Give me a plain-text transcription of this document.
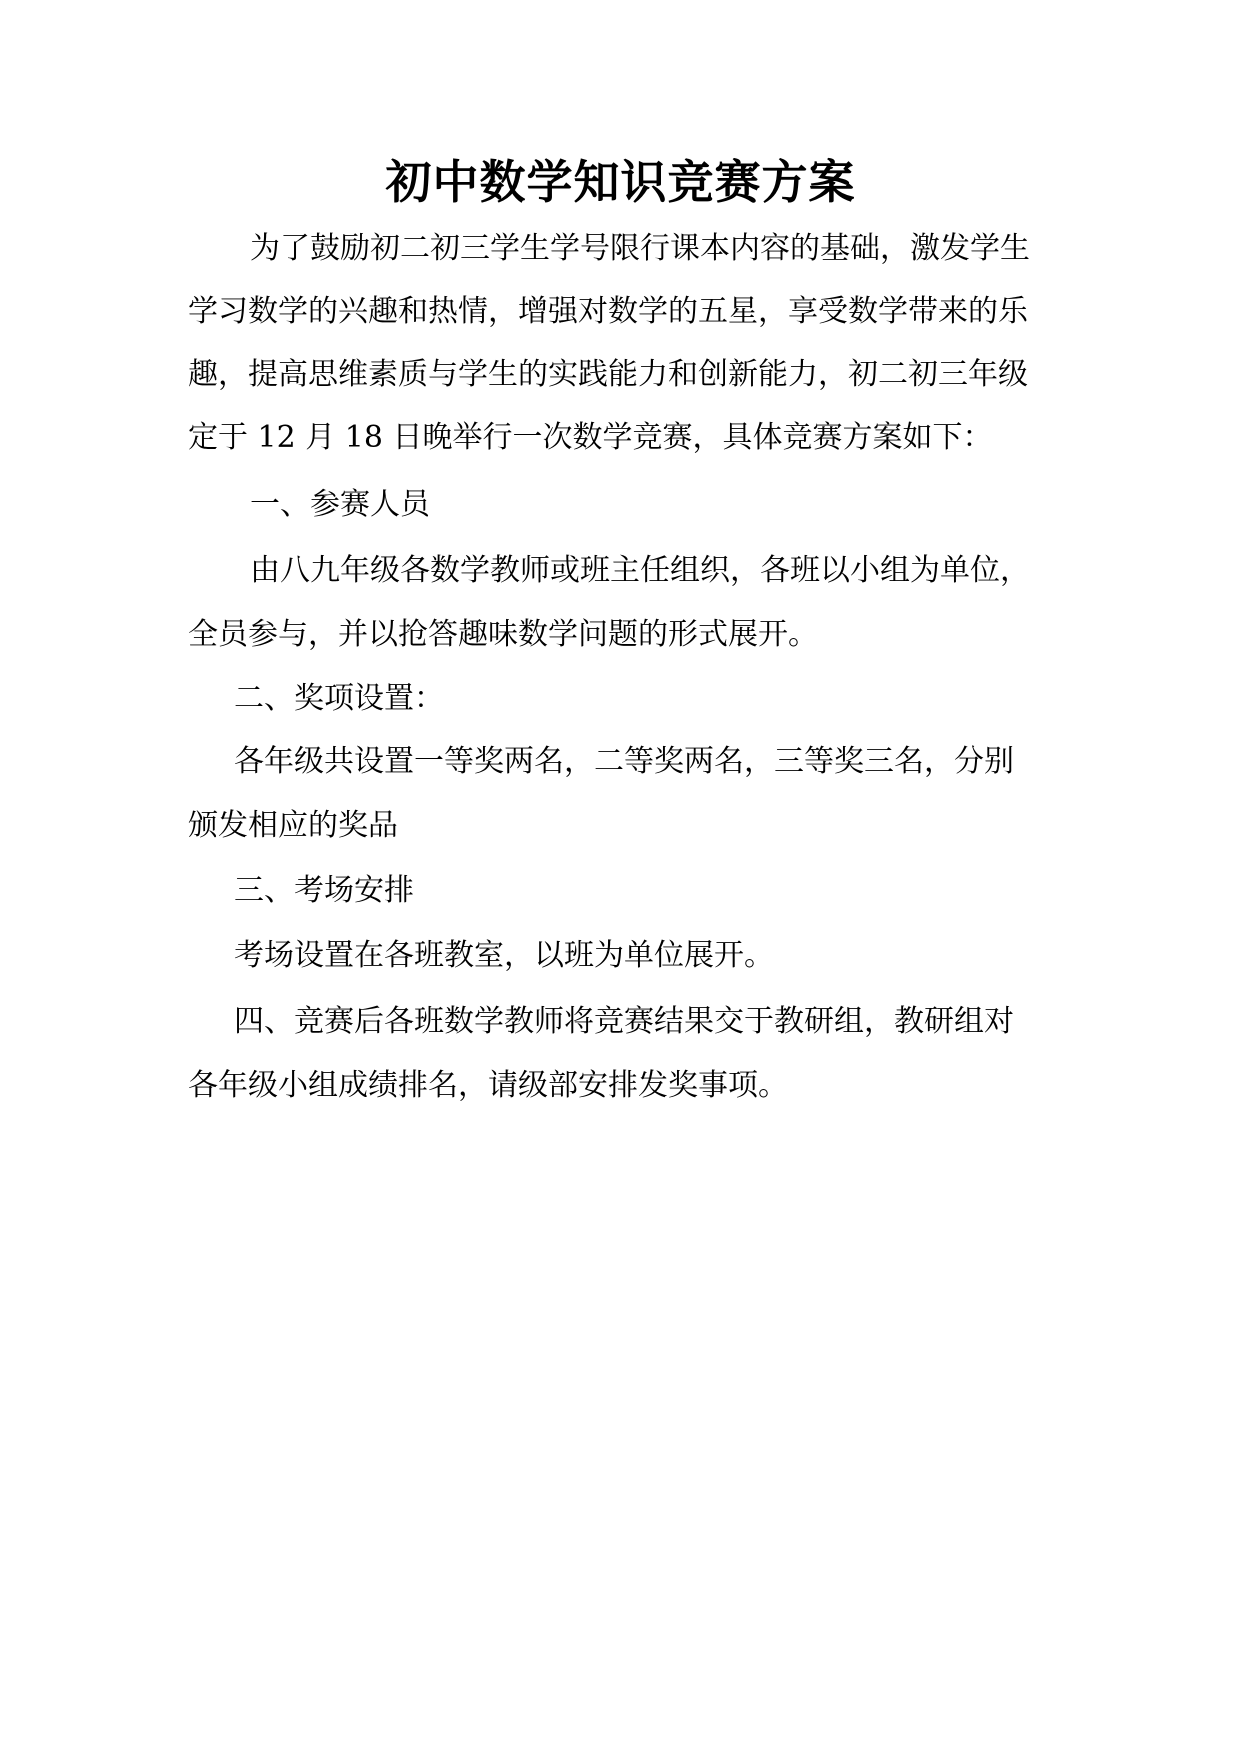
初中数学知识竞赛方案
为了鼓励初二初三学生学号限行课本内容的基础，激发学生
学习数学的兴趣和热情，增强对数学的五星，享受数学带来的乐
趣，提高思维素质与学生的实践能力和创新能力，初二初三年级
定于 12 月 18 日晚举行一次数学竞赛，具体竞赛方案如下：
一、参赛人员
由八九年级各数学教师或班主任组织，各班以小组为单位，
全员参与，并以抢答趣味数学问题的形式展开。
二、奖项设置：
各年级共设置一等奖两名，二等奖两名，三等奖三名，分别
颁发相应的奖品
三、考场安排
考场设置在各班教室，以班为单位展开。
四、竞赛后各班数学教师将竞赛结果交于教研组，教研组对
各年级小组成绩排名，请级部安排发奖事项。
